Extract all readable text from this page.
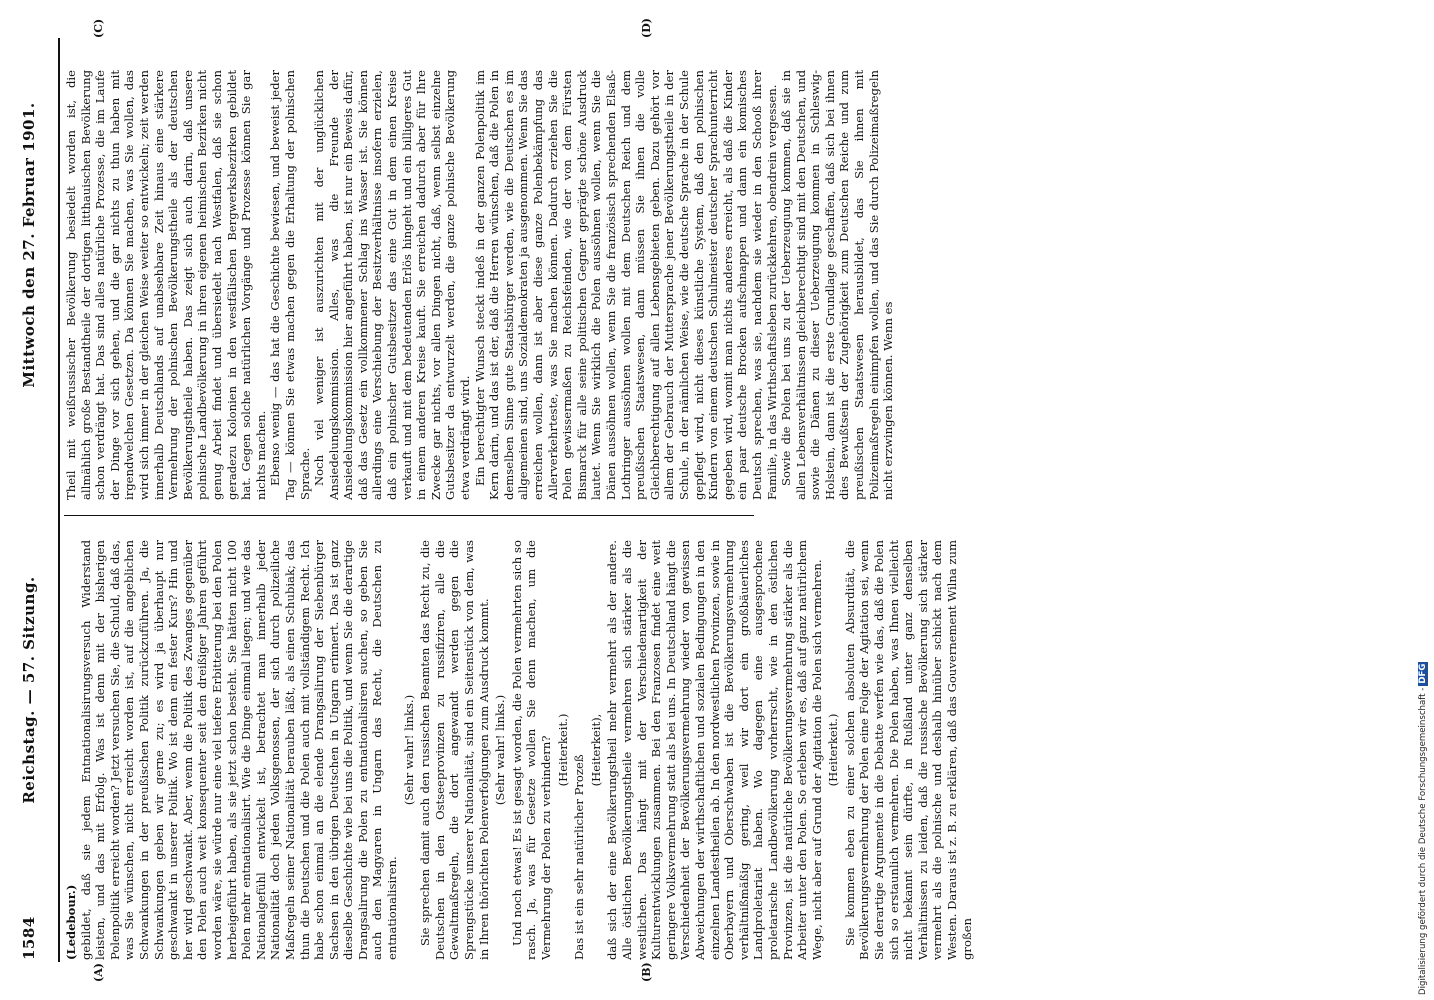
1584
Reichstag. — 57. Sitzung.
Mittwoch den 27. Februar 1901.
(A)	(B)
(C)	(D)

(Ledebour.) gebildet, daß sie jedem Entnationalisirungsversuch Widerstand leisten, und das mit Erfolg. Was ist denn mit der bisherigen Polenpolitik erreicht worden? Jetzt versuchen Sie, die Schuld, daß das, was Sie wünschen, nicht erreicht worden ist, auf die angeblichen Schwankungen in der preußischen Politik zurückzuführen. Ja, die Schwankungen geben wir gerne zu; es wird ja überhaupt nur geschwankt in unserer Politik. Wo ist denn ein fester Kurs? Hin und her wird geschwankt. Aber, wenn die Politik des Zwanges gegenüber den Polen auch weit konsequenter seit den dreißiger Jahren geführt worden wäre, sie würde nur eine viel tiefere Erbitterung bei den Polen herbeigeführt haben, als sie jetzt schon besteht. Sie hätten nicht 100 Polen mehr entnationalisirt. Wie die Dinge einmal liegen; und wie das Nationalgefühl entwickelt ist, betrachtet man innerhalb jeder Nationalität doch jeden Volksgenossen, der sich durch polizeiliche Maßregeln seiner Nationalität berauben läßt, als einen Schubiak; das thun die Deutschen und die Polen auch mit vollständigem Recht. Ich habe schon einmal an die elende Drangsalirung der Siebenbürger Sachsen in den übrigen Deutschen in Ungarn erinnert. Das ist ganz dieselbe Geschichte wie bei uns die Politik, und wenn Sie die derartige Drangsalirung die Polen zu entnationalisiren suchen, so geben Sie auch den Magyaren in Ungarn das Recht, die Deutschen zu entnationalisiren.

(Sehr wahr! links.) Sie sprechen damit auch den russischen Beamten das Recht zu, die Deutschen in den Ostseeprovinzen zu russifiziren, alle die Gewaltmaßregeln, die dort angewandt werden gegen die Sprengstücke unserer Nationalität, sind ein Seitenstück von dem, was in Ihren thörichten Polenverfolgungen zum Ausdruck kommt. (Sehr wahr! links.) Und noch etwas! Es ist gesagt worden, die Polen vermehrten sich so rasch. Ja, was für Gesetze wollen Sie denn machen, um die Vermehrung der Polen zu verhindern? (Heiterkeit.)

Das ist ein sehr natürlicher Prozeß

(Heiterkeit), daß sich der eine Bevölkerungstheil mehr vermehrt als der andere. Alle östlichen Bevölkerungstheile vermehren sich stärker als die westlichen. Das hängt mit der Verschiedenartigkeit der Kulturentwicklungen zusammen. Bei den Franzosen findet eine weit geringere Volksvermehrung statt als bei uns. In Deutschland hängt die Verschiedenheit der Bevölkerungsvermehrung wieder von gewissen Abweichungen der wirthschaftlichen und sozialen Bedingungen in den einzelnen Landestheilen ab. In den nordwestlichen Provinzen, sowie in Oberbayern und Oberschwaben ist die Bevölkerungsvermehrung verhältnißmäßig gering, weil wir dort ein großbäuerliches Landproletariat haben. Wo dagegen eine ausgesprochene proletarische Landbevölkerung vorherrscht, wie in den östlichen Provinzen, ist die natürliche Bevölkerungsvermehrung stärker als die Arbeiter unter den Polen. So erleben wir es, daß auf ganz natürlichem Wege, nicht aber auf Grund der Agitation die Polen sich vermehren. (Heiterkeit.) Sie kommen eben zu einer solchen absoluten Absurdität, die Bevölkerungsvermehrung der Polen eine Folge der Agitation sei, wenn Sie derartige Argumente in die Debatte werfen wie das, daß die Polen sich so erstaunlich vermehren. Die Polen haben, was Ihnen vielleicht nicht bekannt sein dürfte, in Rußland unter ganz denselben Verhältnissen zu leiden, daß die russische Bevölkerung sich stärker vermehrt als die polnische und deshalb hinüber schickt nach dem Westen. Daraus ist z. B. zu erklären, daß das Gouvernement Wilna zum großen

Theil mit weißrussischer Bevölkerung besiedelt worden ist, die allmählich große Bestandtheile der dortigen litthauischen Bevölkerung schon verdrängt hat. Das sind alles natürliche Prozesse, die im Laufe der Dinge vor sich gehen, und die gar nichts zu thun haben mit irgendwelchen Gesetzen. Da können Sie machen, was Sie wollen, das wird sich immer in der gleichen Weise weiter so entwickeln; zeit werden innerhalb Deutschlands auf unabsehbare Zeit hinaus eine stärkere Vermehrung der polnischen Bevölkerungstheile als der deutschen Bevölkerungstheile haben. Das zeigt sich auch darin, daß unsere polnische Landbevölkerung in ihren eigenen heimischen Bezirken nicht genug Arbeit findet und übersiedelt nach Westfalen, daß sie schon geradezu Kolonien in den westfälischen Bergwerksbezirken gebildet hat. Gegen solche natürlichen Vorgänge und Prozesse können Sie gar nichts machen. Ebenso wenig — das hat die Geschichte bewiesen, und beweist jeder Tag — können Sie etwas machen gegen die Erhaltung der polnischen Sprache. Noch viel weniger ist auszurichten mit der unglücklichen Ansiedelungskommission. Alles, was die Freunde der Ansiedelungskommission hier angeführt haben, ist nur ein Beweis dafür, daß das Gesetz ein vollkommener Schlag ins Wasser ist. Sie können allerdings eine Verschiebung der Besitzverhältnisse insofern erzielen, daß ein polnischer Gutsbesitzer das eine Gut in dem einen Kreise verkauft und mit dem bedeutenden Erlös hingeht und ein billigeres Gut in einem anderen Kreise kauft. Sie erreichen dadurch aber für Ihre Zwecke gar nichts, vor allen Dingen nicht, daß, wenn selbst einzelne Gutsbesitzer da entwurzelt werden, die ganze polnische Bevölkerung etwa verdrängt wird. Ein berechtigter Wunsch steckt indeß in der ganzen Polenpolitik im Kern darin, und das ist der, daß die Herren wünschen, daß die Polen in demselben Sinne gute Staatsbürger werden, wie die Deutschen es im allgemeinen sind, uns Sozialdemokraten ja ausgenommen. Wenn Sie das erreichen wollen, dann ist aber diese ganze Polenbekämpfung das Allerverkehrteste, was Sie machen können. Dadurch erziehen Sie die Polen gewissermaßen zu Reichsfeinden, wie der von dem Fürsten Bismarck für alle seine politischen Gegner geprägte schöne Ausdruck lautet. Wenn Sie wirklich die Polen aussöhnen wollen, wenn Sie die Dänen aussöhnen wollen, wenn Sie die französisch sprechenden Elsaß-Lothringer aussöhnen wollen mit dem Deutschen Reich und dem preußischen Staatswesen, dann müssen Sie ihnen die volle Gleichberechtigung auf allen Lebensgebieten geben. Dazu gehört vor allem der Gebrauch der Muttersprache jener Bevölkerungstheile in der Schule, in der nämlichen Weise, wie die deutsche Sprache in der Schule gepflegt wird, nicht dieses künstliche System, daß den polnischen Kindern von einem deutschen Schulmeister deutscher Sprachunterricht gegeben wird, womit man nichts anderes erreicht, als daß die Kinder ein paar deutsche Brocken aufschnappen und dann ein komisches Deutsch sprechen, was sie, nachdem sie wieder in den Schooß ihrer Familie, in das Wirthschaftsleben zurückkehren, obendrein vergessen. Sowie die Polen bei uns zu der Ueberzeugung kommen, daß sie in allen Lebensverhältnissen gleichberechtigt sind mit den Deutschen, und sowie die Dänen zu dieser Ueberzeugung kommen in Schleswig-Holstein, dann ist die erste Grundlage geschaffen, daß sich bei ihnen dies Bewußtsein der Zugehörigkeit zum Deutschen Reiche und zum preußischen Staatswesen herausbildet, das Sie ihnen mit Polizeimaßregeln einimpfen wollen, und das Sie durch Polizeimaßregeln nicht erzwingen können. Wenn es

Digitalisierung gefördert durch die Deutsche Forschungsgemeinschaft -DFG
